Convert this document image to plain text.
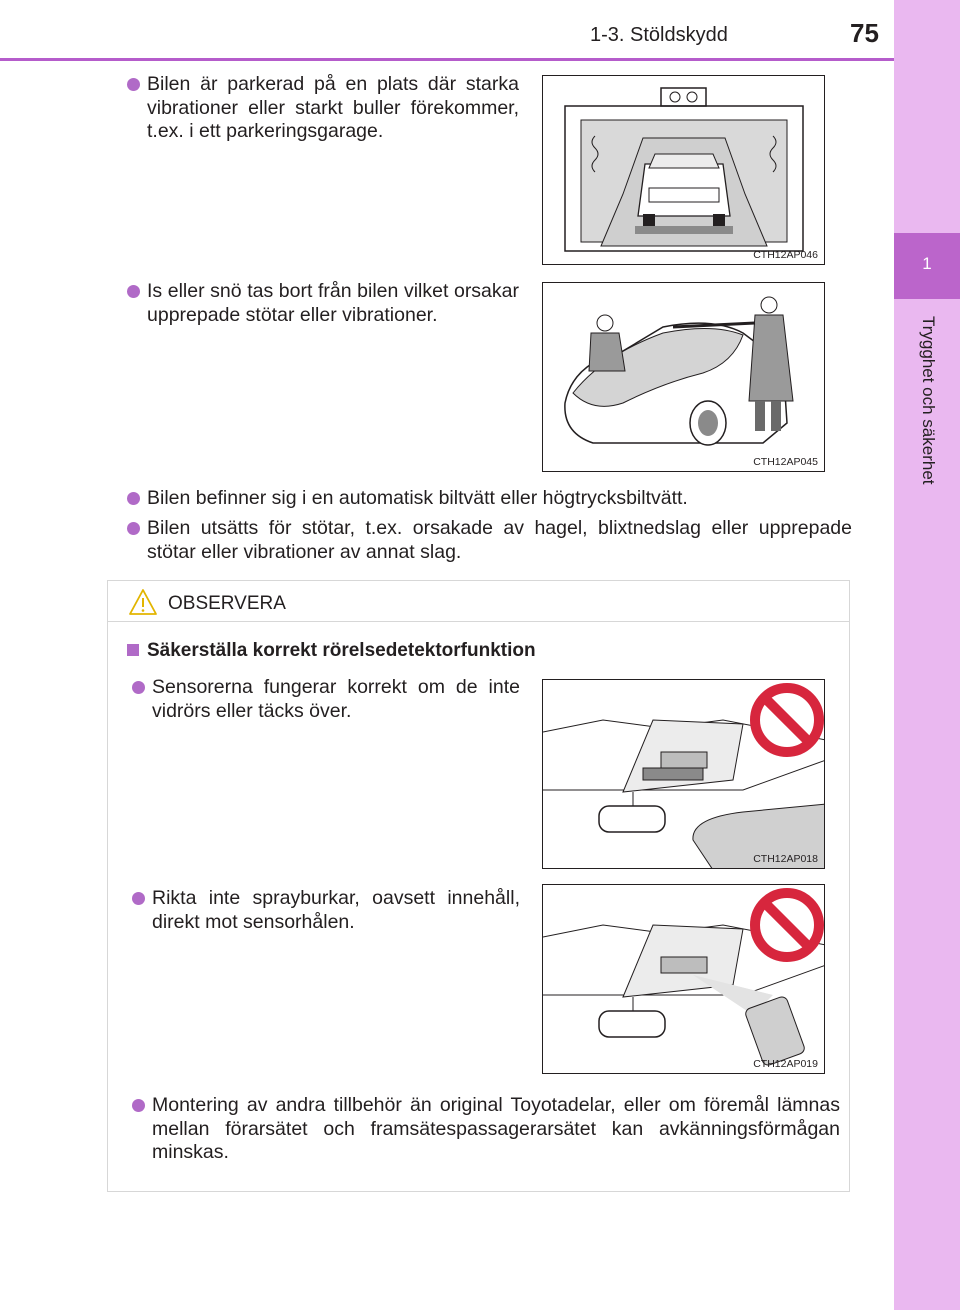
1-3. Stöldskydd	75
1
Trygghet och säkerhet
Bilen är parkerad på en plats där starka vibrationer eller starkt buller förekommer, t.ex. i ett parkeringsgarage.
CTH12AP046
Is eller snö tas bort från bilen vilket orsakar upprepade stötar eller vibrationer.
CTH12AP045
Bilen befinner sig i en automatisk biltvätt eller högtrycksbiltvätt.
Bilen utsätts för stötar, t.ex. orsakade av hagel, blixtnedslag eller upprepade stötar eller vibrationer av annat slag.
OBSERVERA
Säkerställa korrekt rörelsedetektorfunktion
Sensorerna fungerar korrekt om de inte vidrörs eller täcks över.
CTH12AP018
Rikta inte sprayburkar, oavsett innehåll, direkt mot sensorhålen.
CTH12AP019
Montering av andra tillbehör än original Toyotadelar, eller om föremål lämnas mellan förarsätet och framsätespassagerarsätet kan avkänningsförmågan minskas.
